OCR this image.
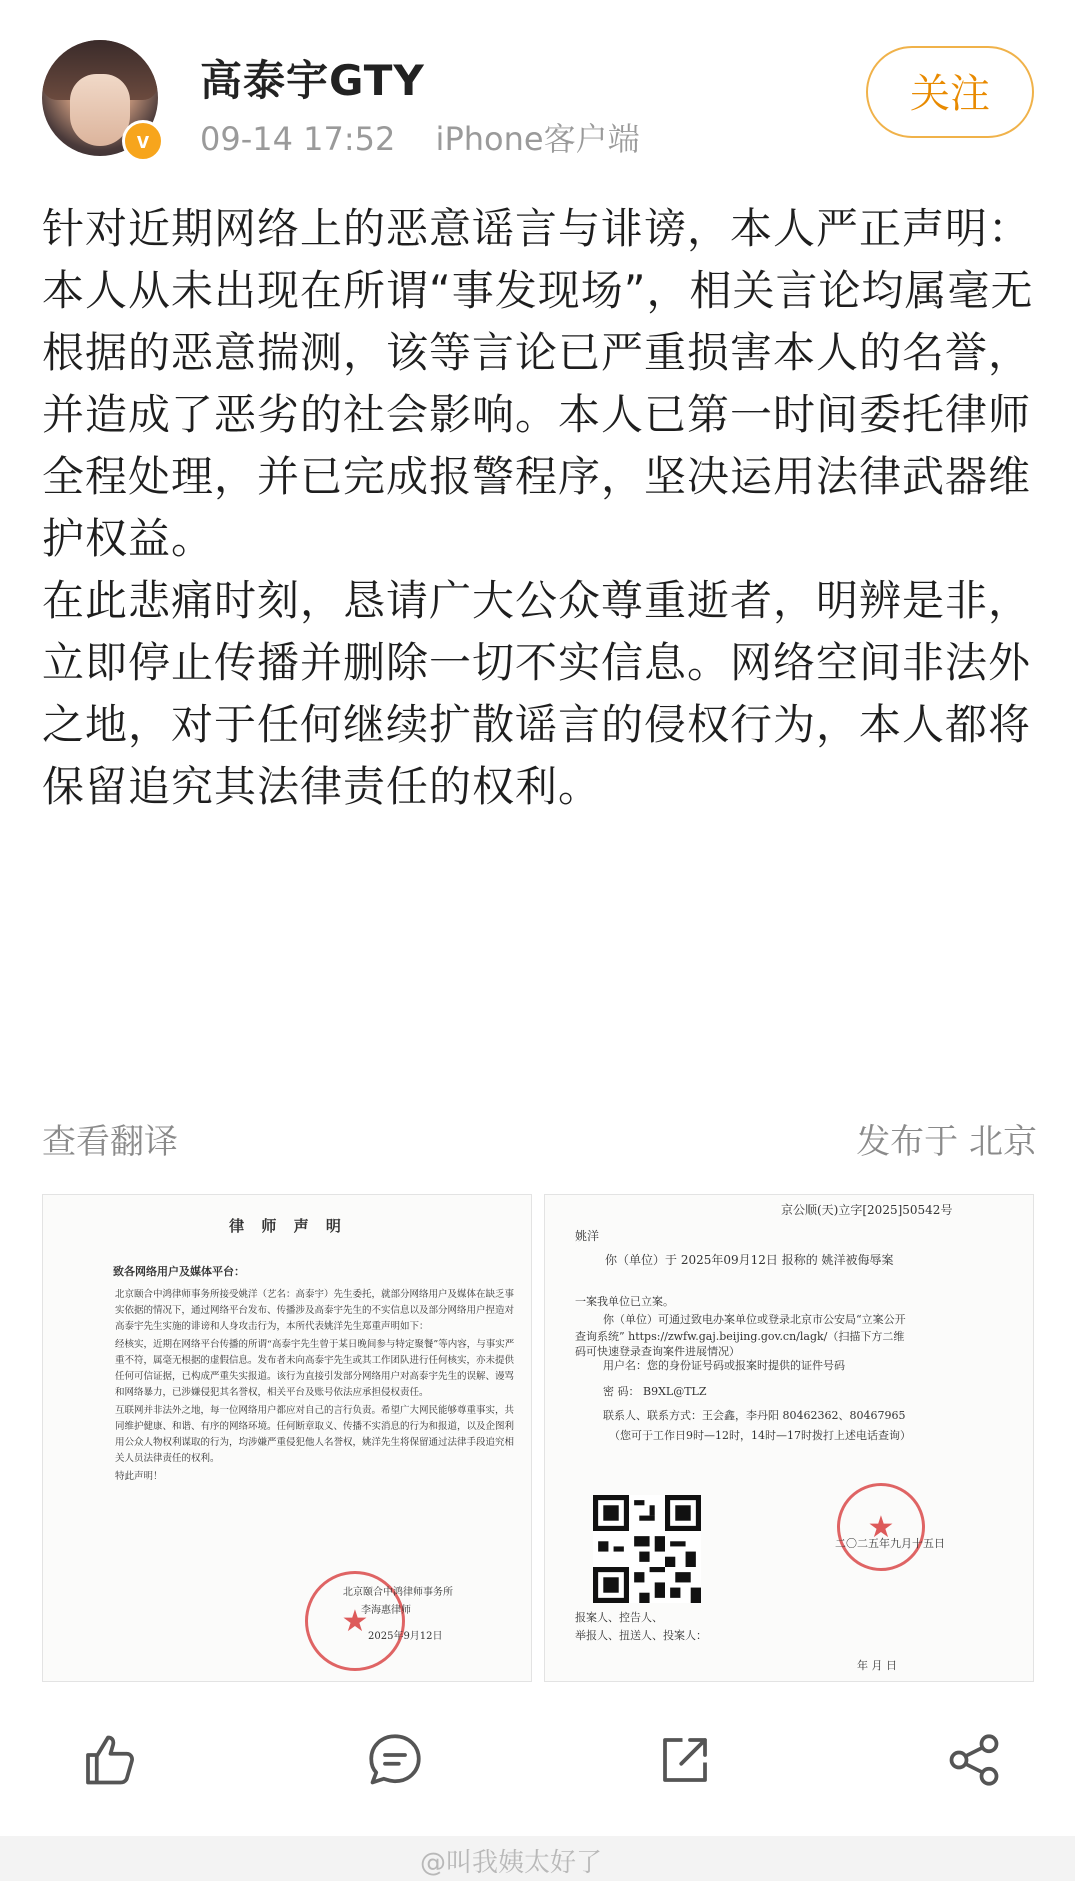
v
高泰宇GTY
09-14 17:52 iPhone客户端
关注

针对近期网络上的恶意谣言与诽谤，本人严正声明：

本人从未出现在所谓“事发现场”，相关言论均属毫无根据的恶意揣测，该等言论已严重损害本人的名誉，并造成了恶劣的社会影响。本人已第一时间委托律师全程处理，并已完成报警程序，坚决运用法律武器维护权益。

在此悲痛时刻，恳请广大公众尊重逝者，明辨是非，立即停止传播并删除一切不实信息。网络空间非法外之地，对于任何继续扩散谣言的侵权行为，本人都将保留追究其法律责任的权利。

查看翻译	发布于 北京
律 师 声 明
致各网络用户及媒体平台：

北京颐合中鸿律师事务所接受姚洋（艺名：高泰宇）先生委托，就部分网络用户及媒体在缺乏事实依据的情况下，通过网络平台发布、传播涉及高泰宇先生的不实信息以及部分网络用户捏造对高泰宇先生实施的诽谤和人身攻击行为，本所代表姚洋先生郑重声明如下：

经核实，近期在网络平台传播的所谓“高泰宇先生曾于某日晚间参与特定聚餐”等内容，与事实严重不符，属毫无根据的虚假信息。发布者未向高泰宇先生或其工作团队进行任何核实，亦未提供任何可信证据，已构成严重失实报道。该行为直接引发部分网络用户对高泰宇先生的误解、谩骂和网络暴力，已涉嫌侵犯其名誉权，相关平台及账号依法应承担侵权责任。

互联网并非法外之地，每一位网络用户都应对自己的言行负责。希望广大网民能够尊重事实，共同维护健康、和谐、有序的网络环境。任何断章取义、传播不实消息的行为和报道，以及企图利用公众人物权利谋取的行为，均涉嫌严重侵犯他人名誉权，姚洋先生将保留通过法律手段追究相关人员法律责任的权利。

特此声明！

★
北京颐合中鸿律师事务所
李海惠律师
2025年9月12日
京公顺(天)立字[2025]50542号
姚洋
你（单位）于 2025年09月12日 报称的 姚洋被侮辱案
一案我单位已立案。
你（单位）可通过致电办案单位或登录北京市公安局“立案公开
查询系统” https://zwfw.gaj.beijing.gov.cn/lagk/（扫描下方二维码可快速登录查询案件进展情况）
用户名：您的身份证号码或报案时提供的证件号码
密 码： B9XL@TLZ
联系人、联系方式：王会鑫，李丹阳 80462362、80467965
（您可于工作日9时—12时，14时—17时拨打上述电话查询）
★
二〇二五年九月十五日
报案人、控告人、
举报人、扭送人、投案人：
年 月 日
@叫我姨太好了
